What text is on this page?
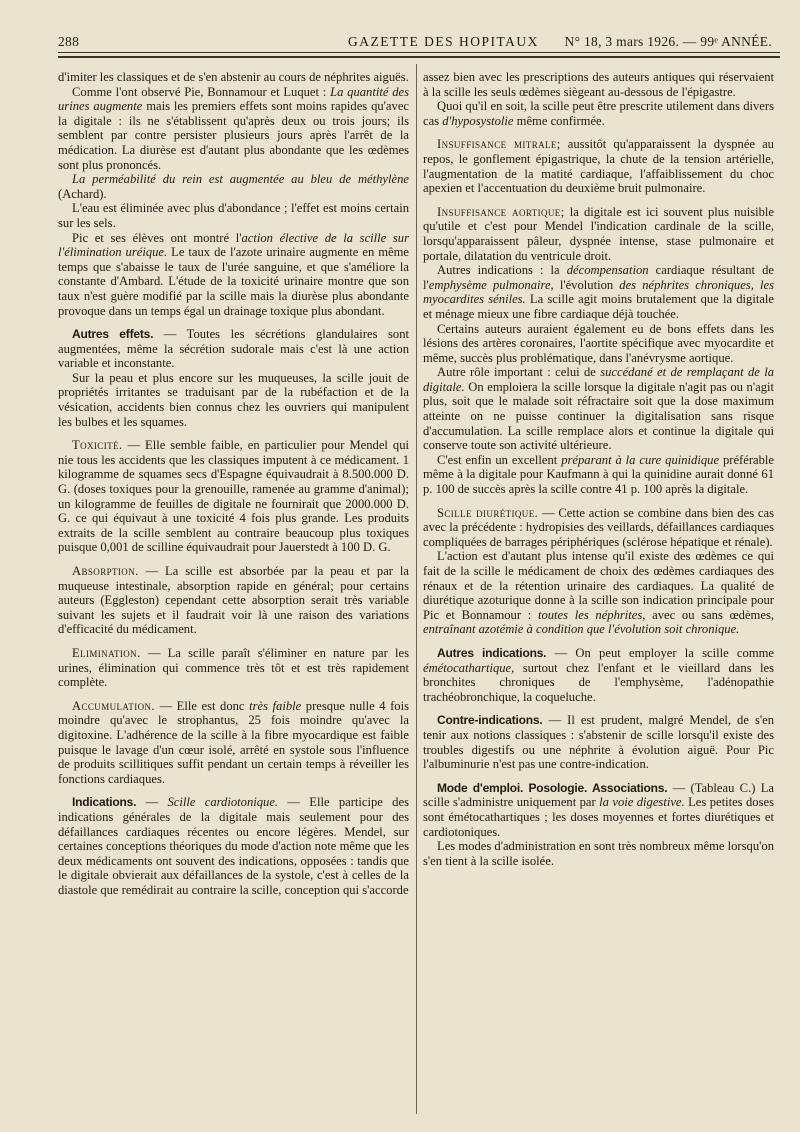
288	GAZETTE DES HOPITAUX N° 18, 3 mars 1926. — 99ᵉ ANNÉE.

d'imiter les classiques et de s'en abstenir au cours de néphrites aiguës.

Comme l'ont observé Pie, Bonnamour et Luquet : La quantité des urines augmente mais les premiers effets sont moins rapides qu'avec la digitale : ils ne s'établissent qu'après deux ou trois jours; ils semblent par contre persister plusieurs jours après l'arrêt de la médication. La diurèse est d'autant plus abondante que les œdèmes sont plus prononcés.

La perméabilité du rein est augmentée au bleu de méthylène (Achard).

L'eau est éliminée avec plus d'abondance ; l'effet est moins certain sur les sels.

Pic et ses élèves ont montré l'action élective de la scille sur l'élimination uréique. Le taux de l'azote urinaire augmente en même temps que s'abaisse le taux de l'urée sanguine, et que s'améliore la constante d'Ambard. L'étude de la toxicité urinaire montre que son taux n'est guère modifié par la scille mais la diurèse plus abondante provoque dans un temps égal un drainage toxique plus abondant.

Autres effets. — Toutes les sécrétions glandulaires sont augmentées, même la sécrétion sudorale mais c'est là une action variable et inconstante.

Sur la peau et plus encore sur les muqueuses, la scille jouit de propriétés irritantes se traduisant par de la rubéfaction et de la vésication, accidents bien connus chez les ouvriers qui manipulent les bulbes et les squames.

Toxicité. — Elle semble faible, en particulier pour Mendel qui nie tous les accidents que les classiques imputent à ce médicament. 1 kilogramme de squames secs d'Espagne équivaudrait à 8.500.000 D. G. (doses toxiques pour la grenouille, ramenée au gramme d'animal); un kilogramme de feuilles de digitale ne fournirait que 2000.000 D. G. ce qui équivaut à une toxicité 4 fois plus grande. Les produits extraits de la scille semblent au contraire beaucoup plus toxiques puisque 0,001 de scilline équivaudrait pour Jauerstedt à 100 D. G.

Absorption. — La scille est absorbée par la peau et par la muqueuse intestinale, absorption rapide en général; pour certains auteurs (Eggleston) cependant cette absorption serait très variable suivant les sujets et il faudrait voir là une raison des variations d'efficacité du médicament.

Elimination. — La scille paraît s'éliminer en nature par les urines, élimination qui commence très tôt et est très rapidement complète.

Accumulation. — Elle est donc très faible presque nulle 4 fois moindre qu'avec le strophantus, 25 fois moindre qu'avec la digitoxine. L'adhérence de la scille à la fibre myocardique est faible puisque le lavage d'un cœur isolé, arrêté en systole sous l'influence de produits scillitiques suffit pendant un certain temps à réveiller les fonctions cardiaques.

Indications. — Scille cardiotonique. — Elle participe des indications générales de la digitale mais seulement pour des défaillances cardiaques récentes ou encore légères. Mendel, sur certaines conceptions théoriques du mode d'action note même que les deux médicaments ont souvent des indications, opposées : tandis que le digitale obvierait aux défaillances de la systole, c'est à celles de la diastole que remédirait au contraire la scille, conception qui s'accorde

assez bien avec les prescriptions des auteurs antiques qui réservaient à la scille les seuls œdèmes siègeant au-dessous de l'épigastre.

Quoi qu'il en soit, la scille peut être prescrite utilement dans divers cas d'hyposystolie même confirmée.

Insuffisance mitrale; aussitôt qu'apparaissent la dyspnée au repos, le gonflement épigastrique, la chute de la tension artérielle, l'augmentation de la matité cardiaque, l'affaiblissement du choc apexien et l'accentuation du deuxième bruit pulmonaire.

Insuffisance aortique; la digitale est ici souvent plus nuisible qu'utile et c'est pour Mendel l'indication cardinale de la scille, lorsqu'apparaissent pâleur, dyspnée intense, stase pulmonaire et portale, dilatation du ventricule droit.

Autres indications : la décompensation cardiaque résultant de l'emphysème pulmonaire, l'évolution des néphrites chroniques, les myocardites séniles. La scille agit moins brutalement que la digitale et ménage mieux une fibre cardiaque déjà touchée.

Certains auteurs auraient également eu de bons effets dans les lésions des artères coronaires, l'aortite spécifique avec myocardite et même, succès plus problématique, dans l'anévrysme aortique.

Autre rôle important : celui de succédané et de remplaçant de la digitale. On emploiera la scille lorsque la digitale n'agit pas ou n'agit plus, soit que le malade soit réfractaire soit que la dose maximum atteinte on ne puisse continuer la digitalisation sans risque d'accumulation. La scille remplace alors et continue la digitale qui conserve toute son activité ultérieure.

C'est enfin un excellent préparant à la cure quinidique préférable même à la digitale pour Kaufmann à qui la quinidine aurait donné 61 p. 100 de succès après la scille contre 41 p. 100 après la digitale.

Scille diurétique. — Cette action se combine dans bien des cas avec la précédente : hydropisies des veillards, défaillances cardiaques compliquées de barrages périphériques (sclérose hépatique et rénale).

L'action est d'autant plus intense qu'il existe des œdèmes ce qui fait de la scille le médicament de choix des œdèmes cardiaques des rénaux et de la rétention urinaire des cardiaques. La qualité de diurétique azoturique donne à la scille son indication principale pour Pic et Bonnamour : toutes les néphrites, avec ou sans œdèmes, entraînant azotémie à condition que l'évolution soit chronique.

Autres indications. — On peut employer la scille comme émétocathartique, surtout chez l'enfant et le vieillard dans les bronchites chroniques de l'emphysème, l'adénopathie trachéobronchique, la coqueluche.

Contre-indications. — Il est prudent, malgré Mendel, de s'en tenir aux notions classiques : s'abstenir de scille lorsqu'il existe des troubles digestifs ou une néphrite à évolution aiguë. Pour Pic l'albuminurie n'est pas une contre-indication.

Mode d'emploi. Posologie. Associations. — (Tableau C.) La scille s'administre uniquement par la voie digestive. Les petites doses sont émétocathartiques ; les doses moyennes et fortes diurétiques et cardiotoniques.

Les modes d'administration en sont très nombreux même lorsqu'on s'en tient à la scille isolée.
